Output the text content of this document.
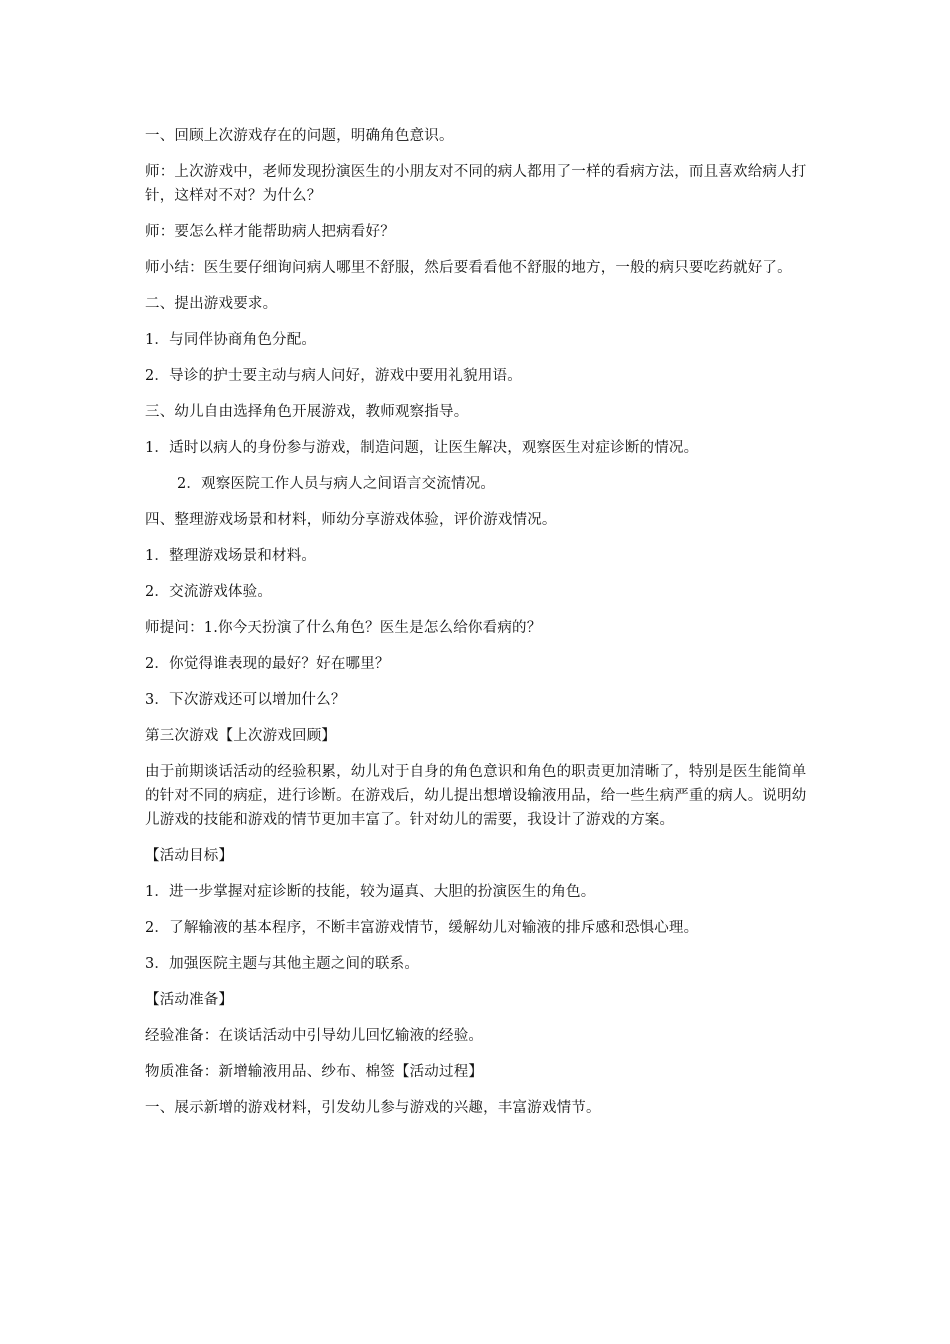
一、回顾上次游戏存在的问题，明确角色意识。

师：上次游戏中，老师发现扮演医生的小朋友对不同的病人都用了一样的看病方法，而且喜欢给病人打针，这样对不对？为什么？

师：要怎么样才能帮助病人把病看好？

师小结：医生要仔细询问病人哪里不舒服，然后要看看他不舒服的地方，一般的病只要吃药就好了。

二、提出游戏要求。

1．与同伴协商角色分配。

2．导诊的护士要主动与病人问好，游戏中要用礼貌用语。

三、幼儿自由选择角色开展游戏，教师观察指导。

1．适时以病人的身份参与游戏，制造问题，让医生解决，观察医生对症诊断的情况。

2．观察医院工作人员与病人之间语言交流情况。

四、整理游戏场景和材料，师幼分享游戏体验，评价游戏情况。

1．整理游戏场景和材料。

2．交流游戏体验。

师提问：1.你今天扮演了什么角色？医生是怎么给你看病的？

2．你觉得谁表现的最好？好在哪里？

3．下次游戏还可以增加什么？

第三次游戏【上次游戏回顾】

由于前期谈话活动的经验积累，幼儿对于自身的角色意识和角色的职责更加清晰了，特别是医生能简单的针对不同的病症，进行诊断。在游戏后，幼儿提出想增设输液用品，给一些生病严重的病人。说明幼儿游戏的技能和游戏的情节更加丰富了。针对幼儿的需要，我设计了游戏的方案。

【活动目标】

1．进一步掌握对症诊断的技能，较为逼真、大胆的扮演医生的角色。

2．了解输液的基本程序，不断丰富游戏情节，缓解幼儿对输液的排斥感和恐惧心理。

3．加强医院主题与其他主题之间的联系。

【活动准备】

经验准备：在谈话活动中引导幼儿回忆输液的经验。

物质准备：新增输液用品、纱布、棉签【活动过程】

一、展示新增的游戏材料，引发幼儿参与游戏的兴趣，丰富游戏情节。
